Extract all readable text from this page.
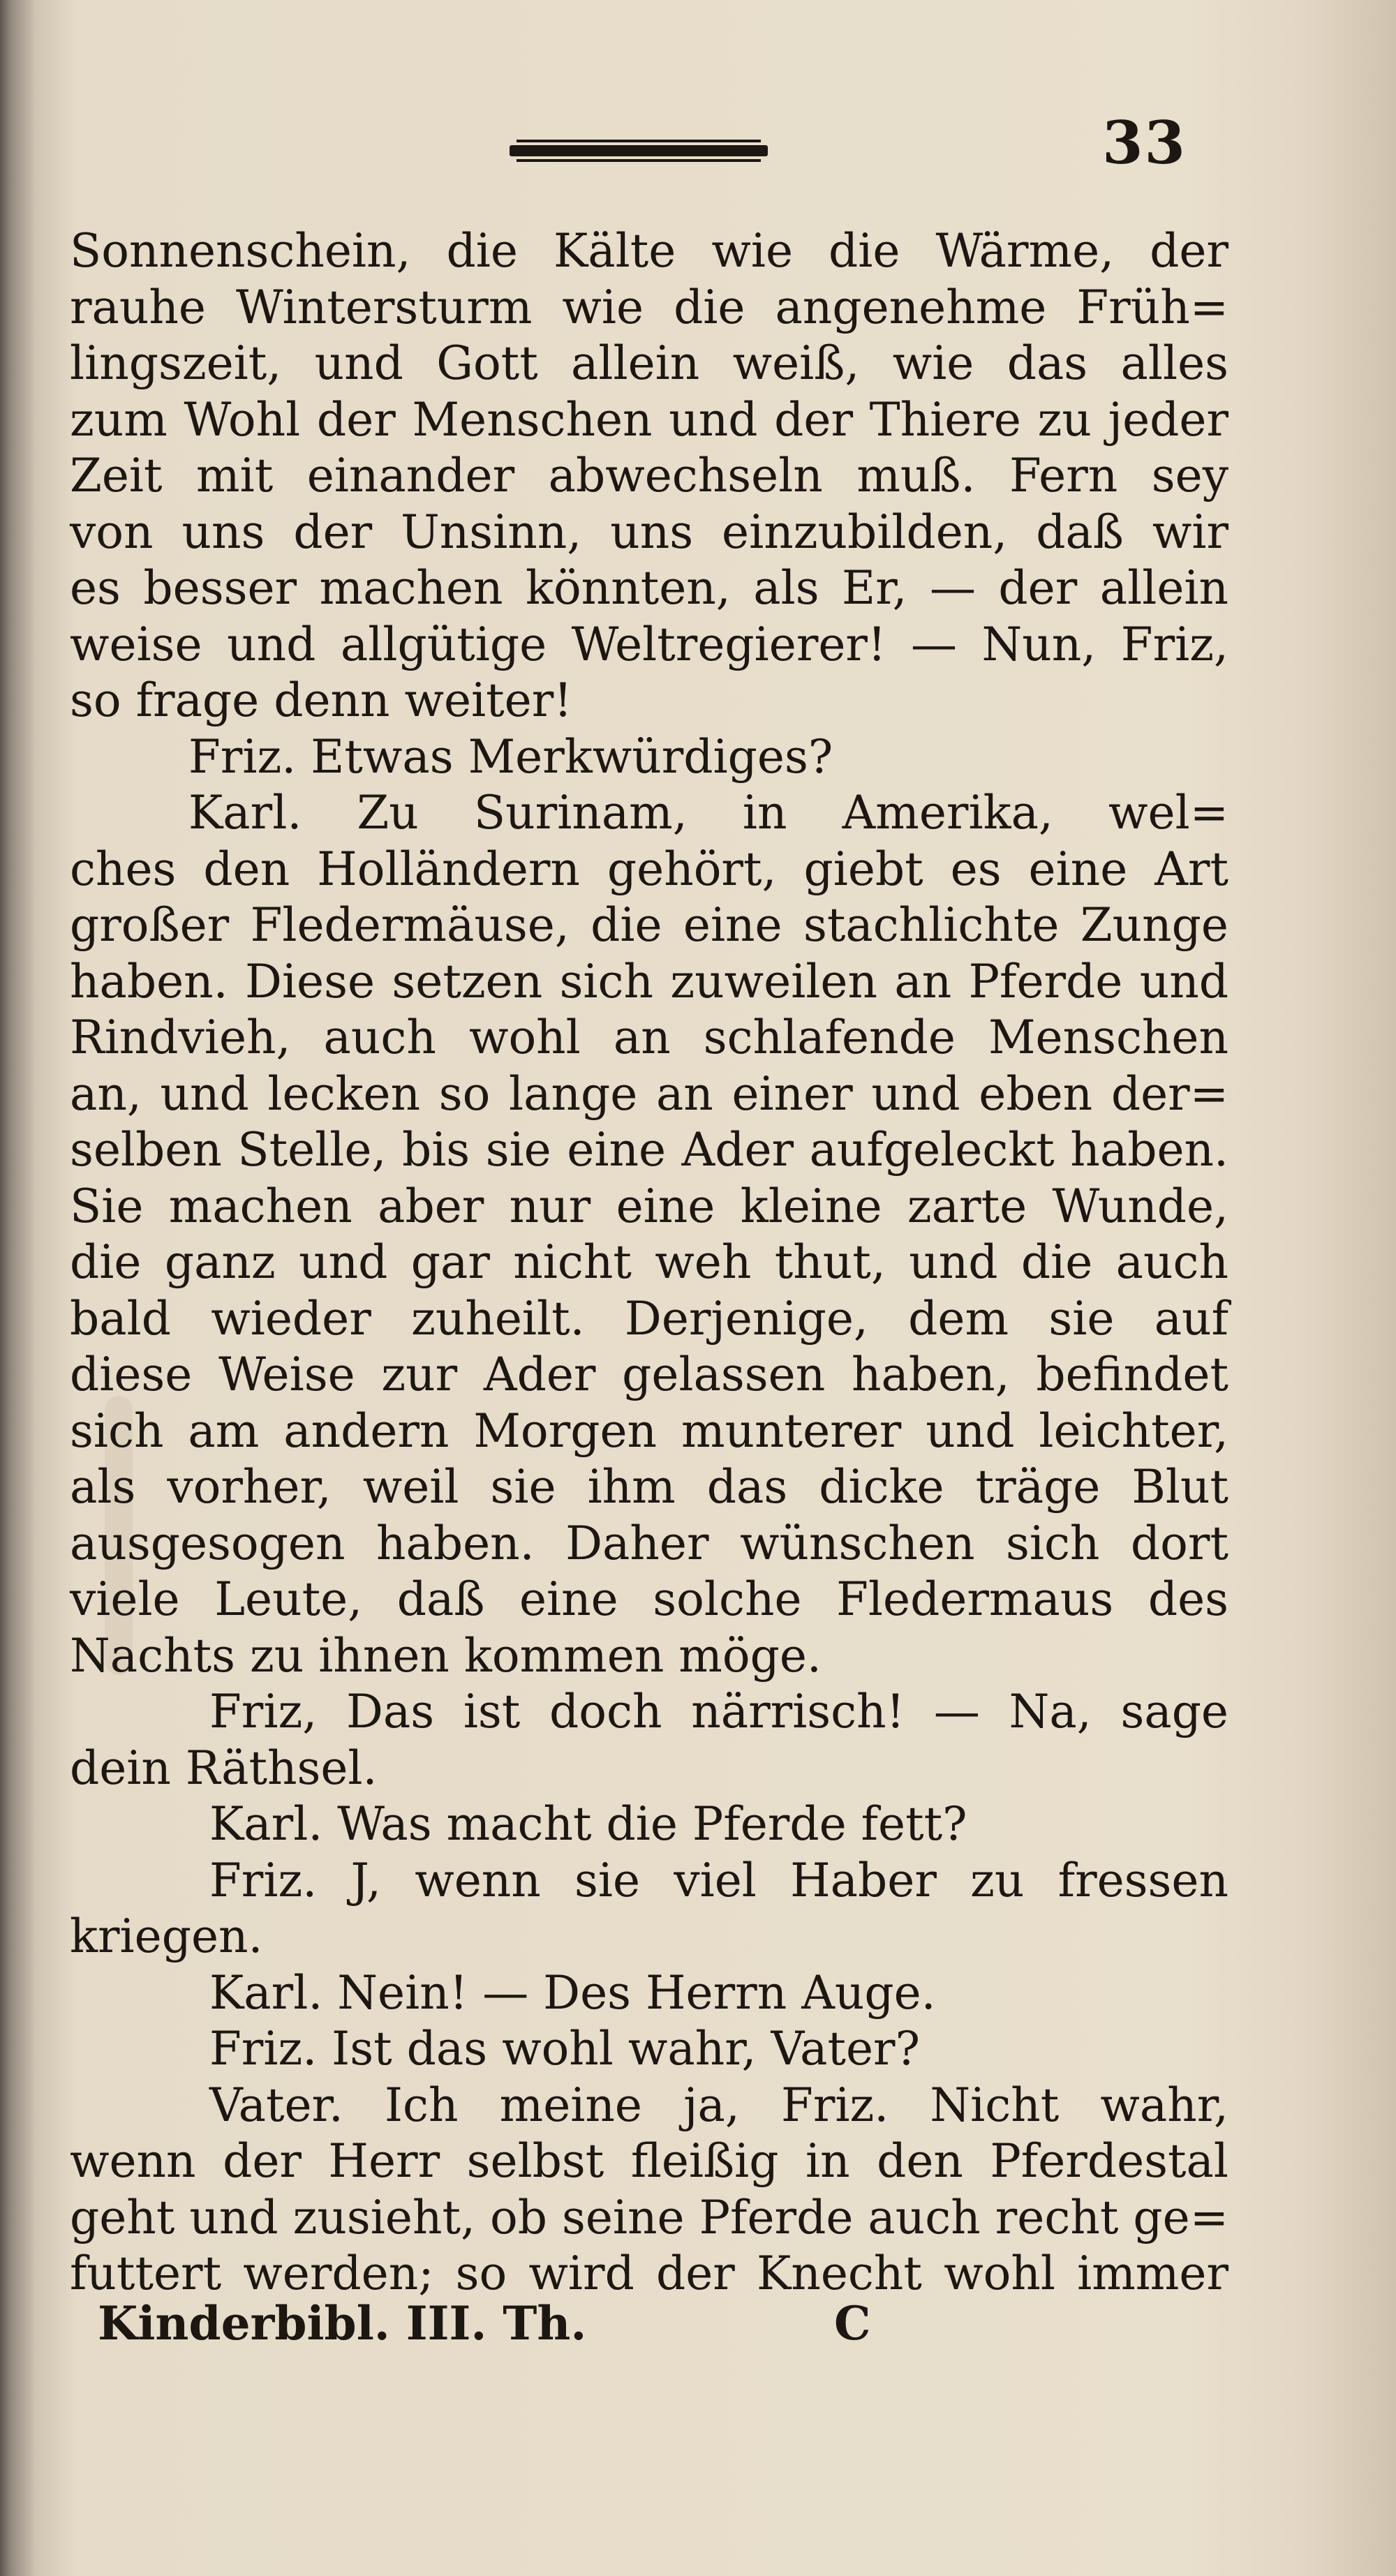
33
Sonnenschein, die Kälte wie die Wärme, der
rauhe Wintersturm wie die angenehme Früh=
lingszeit, und Gott allein weiß, wie das alles
zum Wohl der Menschen und der Thiere zu jeder
Zeit mit einander abwechseln muß. Fern sey
von uns der Unsinn, uns einzubilden, daß wir
es besser machen könnten, als Er, — der allein
weise und allgütige Weltregierer! — Nun, Friz,
so frage denn weiter!
Friz. Etwas Merkwürdiges?
Karl. Zu Surinam, in Amerika, wel=
ches den Holländern gehört, giebt es eine Art
großer Fledermäuse, die eine stachlichte Zunge
haben. Diese setzen sich zuweilen an Pferde und
Rindvieh, auch wohl an schlafende Menschen
an, und lecken so lange an einer und eben der=
selben Stelle, bis sie eine Ader aufgeleckt haben.
Sie machen aber nur eine kleine zarte Wunde,
die ganz und gar nicht weh thut, und die auch
bald wieder zuheilt. Derjenige, dem sie auf
diese Weise zur Ader gelassen haben, befindet
sich am andern Morgen munterer und leichter,
als vorher, weil sie ihm das dicke träge Blut
ausgesogen haben. Daher wünschen sich dort
viele Leute, daß eine solche Fledermaus des
Nachts zu ihnen kommen möge.
Friz, Das ist doch närrisch! — Na, sage
dein Räthsel.
Karl. Was macht die Pferde fett?
Friz. J, wenn sie viel Haber zu fressen
kriegen.
Karl. Nein! — Des Herrn Auge.
Friz. Ist das wohl wahr, Vater?
Vater. Ich meine ja, Friz. Nicht wahr,
wenn der Herr selbst fleißig in den Pferdestal
geht und zusieht, ob seine Pferde auch recht ge=
futtert werden; so wird der Knecht wohl immer
Kinderbibl. III. Th.	C
